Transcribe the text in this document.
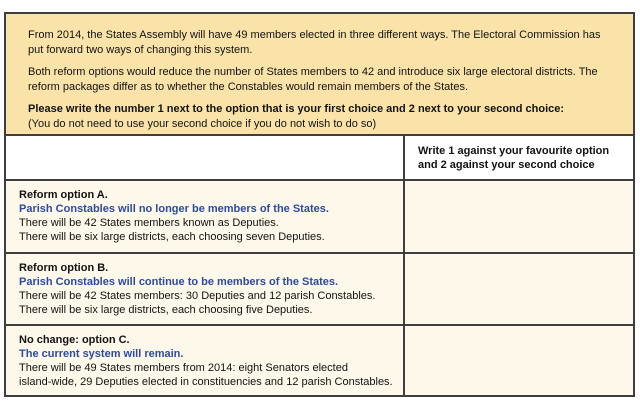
From 2014, the States Assembly will have 49 members elected in three different ways. The Electoral Commission has put forward two ways of changing this system.

Both reform options would reduce the number of States members to 42 and introduce six large electoral districts. The reform packages differ as to whether the Constables would remain members of the States.

Please write the number 1 next to the option that is your first choice and 2 next to your second choice:
(You do not need to use your second choice if you do not wish to do so)
Write 1 against your favourite option and 2 against your second choice
Reform option A.
Parish Constables will no longer be members of the States.
There will be 42 States members known as Deputies.
There will be six large districts, each choosing seven Deputies.
Reform option B.
Parish Constables will continue to be members of the States.
There will be 42 States members: 30 Deputies and 12 parish Constables.
There will be six large districts, each choosing five Deputies.
No change: option C.
The current system will remain.
There will be 49 States members from 2014: eight Senators elected
island-wide, 29 Deputies elected in constituencies and 12 parish Constables.
